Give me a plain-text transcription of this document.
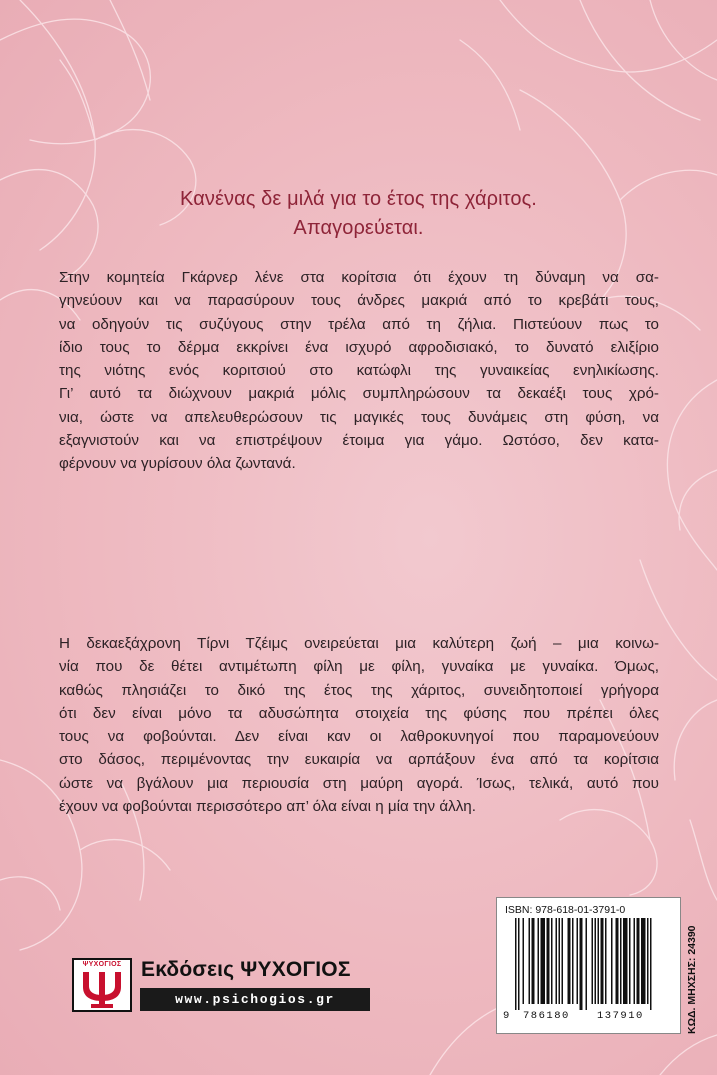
Κανένας δε μιλά για το έτος της χάριτος.
Απαγορεύεται.
Στην κομητεία Γκάρνερ λένε στα κορίτσια ότι έχουν τη δύναμη να σα-
γηνεύουν και να παρασύρουν τους άνδρες μακριά από το κρεβάτι τους,
να οδηγούν τις συζύγους στην τρέλα από τη ζήλια. Πιστεύουν πως το
ίδιο τους το δέρμα εκκρίνει ένα ισχυρό αφροδισιακό, το δυνατό ελιξίριο
της νιότης ενός κοριτσιού στο κατώφλι της γυναικείας ενηλικίωσης.
Γι’ αυτό τα διώχνουν μακριά μόλις συμπληρώσουν τα δεκαέξι τους χρό-
νια, ώστε να απελευθερώσουν τις μαγικές τους δυνάμεις στη φύση, να
εξαγνιστούν και να επιστρέψουν έτοιμα για γάμο. Ωστόσο, δεν κατα-
φέρνουν να γυρίσουν όλα ζωντανά.
Η δεκαεξάχρονη Τίρνι Τζέιμς ονειρεύεται μια καλύτερη ζωή – μια κοινω-
νία που δε θέτει αντιμέτωπη φίλη με φίλη, γυναίκα με γυναίκα. Όμως,
καθώς πλησιάζει το δικό της έτος της χάριτος, συνειδητοποιεί γρήγορα
ότι δεν είναι μόνο τα αδυσώπητα στοιχεία της φύσης που πρέπει όλες
τους να φοβούνται. Δεν είναι καν οι λαθροκυνηγοί που παραμονεύουν
στο δάσος, περιμένοντας την ευκαιρία να αρπάξουν ένα από τα κορίτσια
ώστε να βγάλουν μια περιουσία στη μαύρη αγορά. Ίσως, τελικά, αυτό που
έχουν να φοβούνται περισσότερο απ’ όλα είναι η μία την άλλη.
ΨΥΧΟΓΙΟΣ Εκδόσεις ΨΥΧΟΓΙΟΣ
www.psichogios.gr
ISBN: 978-618-01-3791-0
9 786180	137910	ΚΩΔ. ΜΗΧΣΗΣ: 24390
